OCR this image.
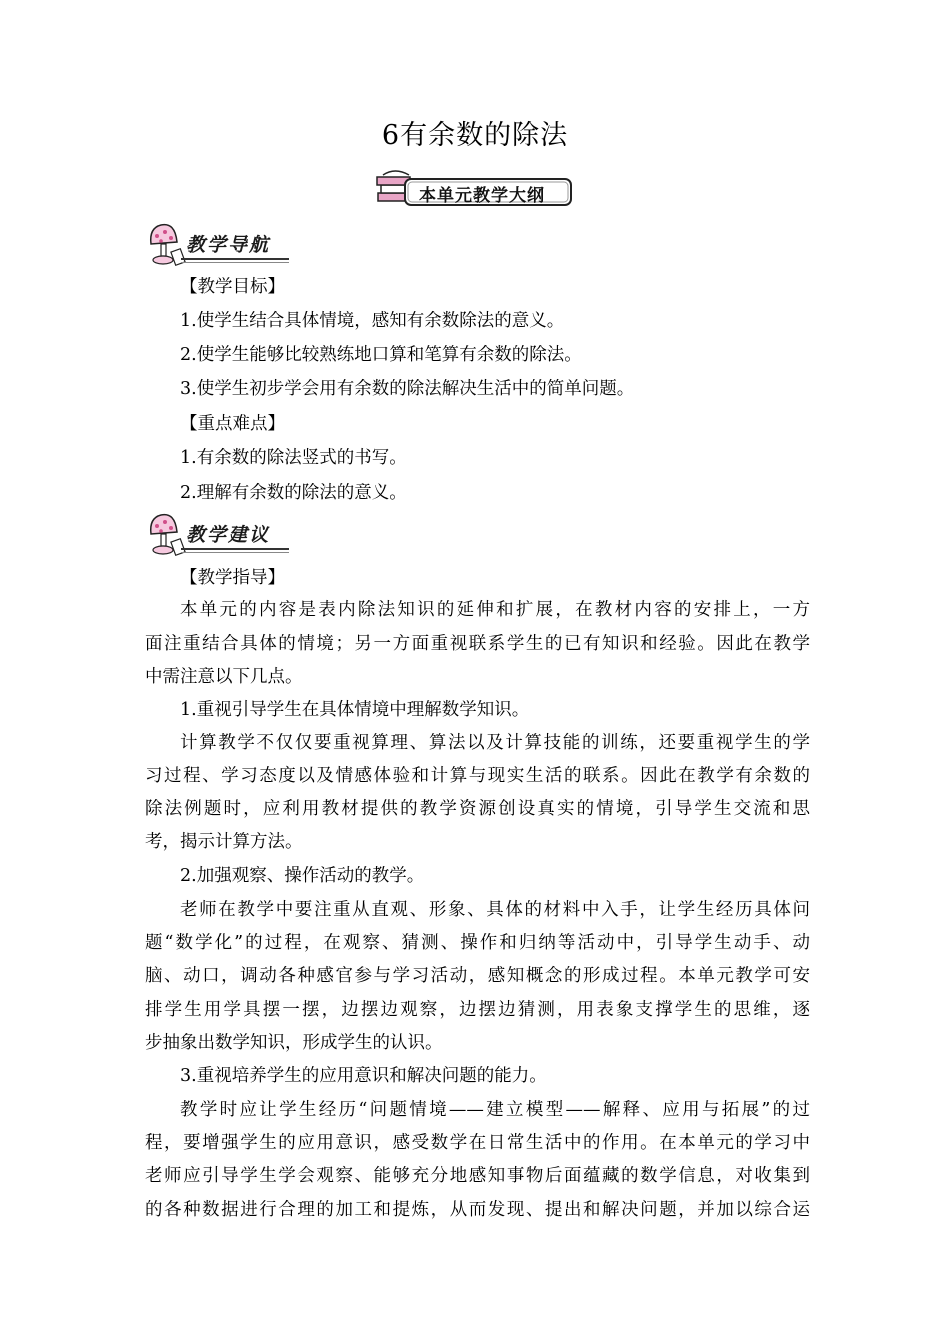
6有余数的除法
本单元教学大纲
教学导航
教学建议
【教学目标】
1.使学生结合具体情境，感知有余数除法的意义。
2.使学生能够比较熟练地口算和笔算有余数的除法。
3.使学生初步学会用有余数的除法解决生活中的简单问题。
【重点难点】
1.有余数的除法竖式的书写。
2.理解有余数的除法的意义。
【教学指导】
本单元的内容是表内除法知识的延伸和扩展，在教材内容的安排上，一方
面注重结合具体的情境；另一方面重视联系学生的已有知识和经验。因此在教学
中需注意以下几点。
1.重视引导学生在具体情境中理解数学知识。
计算教学不仅仅要重视算理、算法以及计算技能的训练，还要重视学生的学
习过程、学习态度以及情感体验和计算与现实生活的联系。因此在教学有余数的
除法例题时，应利用教材提供的教学资源创设真实的情境，引导学生交流和思
考，揭示计算方法。
2.加强观察、操作活动的教学。
老师在教学中要注重从直观、形象、具体的材料中入手，让学生经历具体问
题“数学化”的过程，在观察、猜测、操作和归纳等活动中，引导学生动手、动
脑、动口，调动各种感官参与学习活动，感知概念的形成过程。本单元教学可安
排学生用学具摆一摆，边摆边观察，边摆边猜测，用表象支撑学生的思维，逐
步抽象出数学知识，形成学生的认识。
3.重视培养学生的应用意识和解决问题的能力。
教学时应让学生经历“问题情境——建立模型——解释、应用与拓展”的过
程，要增强学生的应用意识，感受数学在日常生活中的作用。在本单元的学习中
老师应引导学生学会观察、能够充分地感知事物后面蕴藏的数学信息，对收集到
的各种数据进行合理的加工和提炼，从而发现、提出和解决问题，并加以综合运
